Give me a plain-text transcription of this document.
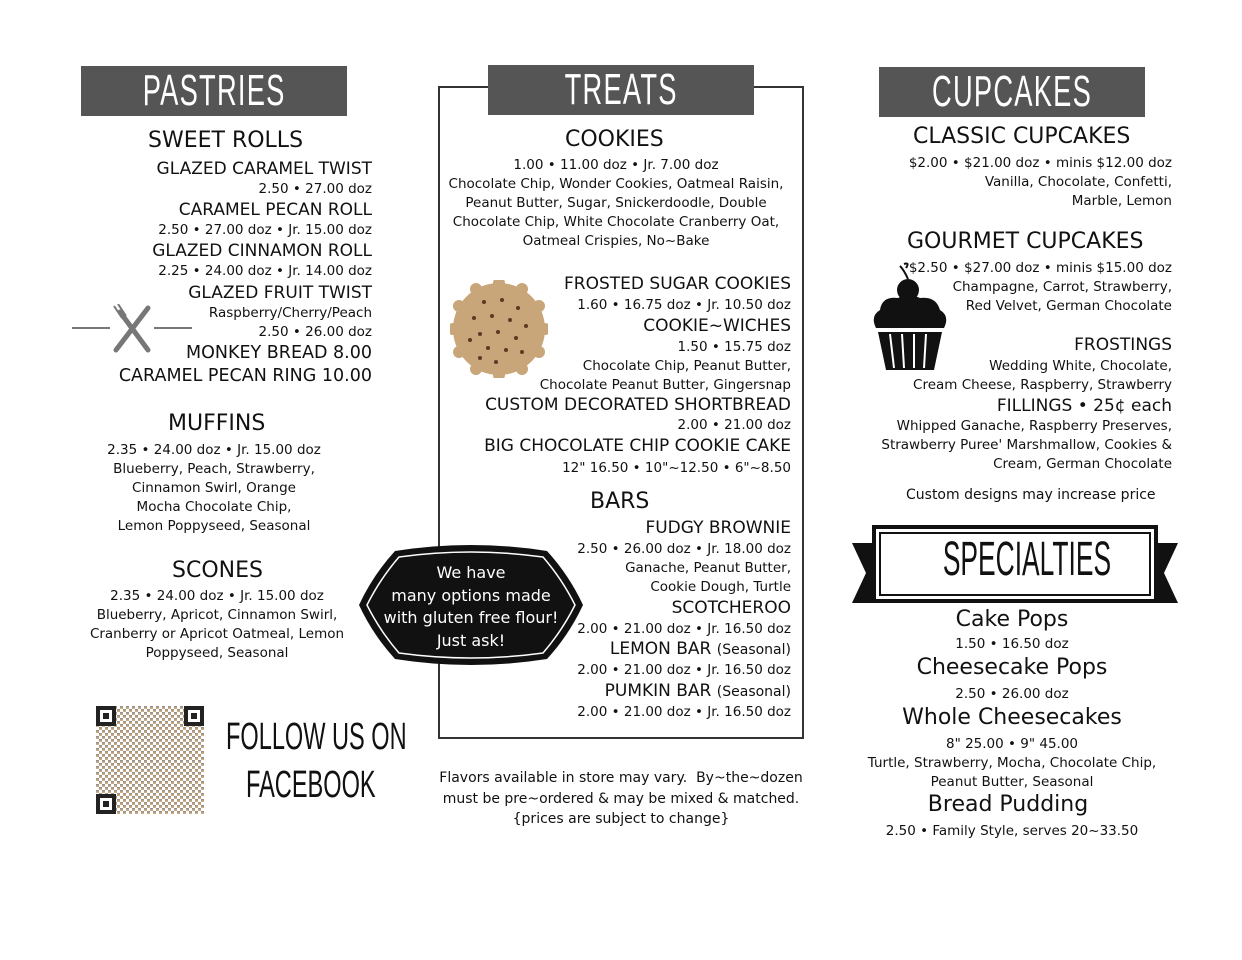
PASTRIES
SWEET ROLLS
GLAZED CARAMEL TWIST
2.50 • 27.00 doz
CARAMEL PECAN ROLL
2.50 • 27.00 doz • Jr. 15.00 doz
GLAZED CINNAMON ROLL
2.25 • 24.00 doz • Jr. 14.00 doz
GLAZED FRUIT TWIST
Raspberry/Cherry/Peach
2.50 • 26.00 doz
MONKEY BREAD 8.00
CARAMEL PECAN RING 10.00
MUFFINS
2.35 • 24.00 doz • Jr. 15.00 doz
Blueberry, Peach, Strawberry,
Cinnamon Swirl, Orange
Mocha Chocolate Chip,
Lemon Poppyseed, Seasonal
SCONES
2.35 • 24.00 doz • Jr. 15.00 doz
Blueberry, Apricot, Cinnamon Swirl,
Cranberry or Apricot Oatmeal, Lemon
Poppyseed, Seasonal
FOLLOW US ON
FACEBOOK
TREATS
COOKIES
1.00 • 11.00 doz • Jr. 7.00 doz
Chocolate Chip, Wonder Cookies, Oatmeal Raisin,
Peanut Butter, Sugar, Snickerdoodle, Double
Chocolate Chip, White Chocolate Cranberry Oat,
Oatmeal Crispies, No~Bake
FROSTED SUGAR COOKIES
1.60 • 16.75 doz • Jr. 10.50 doz
COOKIE~WICHES
1.50 • 15.75 doz
Chocolate Chip, Peanut Butter,
Chocolate Peanut Butter, Gingersnap
CUSTOM DECORATED SHORTBREAD
2.00 • 21.00 doz
BIG CHOCOLATE CHIP COOKIE CAKE
12" 16.50 • 10"~12.50 • 6"~8.50
BARS
FUDGY BROWNIE
2.50 • 26.00 doz • Jr. 18.00 doz
Ganache, Peanut Butter,
Cookie Dough, Turtle
SCOTCHEROO
2.00 • 21.00 doz • Jr. 16.50 doz
LEMON BAR (Seasonal)
2.00 • 21.00 doz • Jr. 16.50 doz
PUMKIN BAR (Seasonal)
2.00 • 21.00 doz • Jr. 16.50 doz
We have
many options made
with gluten free flour!
Just ask!
Flavors available in store may vary.  By~the~dozen
must be pre~ordered & may be mixed & matched.
{prices are subject to change}
CUPCAKES
CLASSIC CUPCAKES
$2.00 • $21.00 doz • minis $12.00 doz
Vanilla, Chocolate, Confetti,
Marble, Lemon
GOURMET CUPCAKES
$2.50 • $27.00 doz • minis $15.00 doz
Champagne, Carrot, Strawberry,
Red Velvet, German Chocolate
FROSTINGS
Wedding White, Chocolate,
Cream Cheese, Raspberry, Strawberry
FILLINGS • 25¢ each
Whipped Ganache, Raspberry Preserves,
Strawberry Puree' Marshmallow, Cookies &
Cream, German Chocolate
Custom designs may increase price
SPECIALTIES
Cake Pops
1.50 • 16.50 doz
Cheesecake Pops
2.50 • 26.00 doz
Whole Cheesecakes
8" 25.00 • 9" 45.00
Turtle, Strawberry, Mocha, Chocolate Chip,
Peanut Butter, Seasonal
Bread Pudding
2.50 • Family Style, serves 20~33.50
